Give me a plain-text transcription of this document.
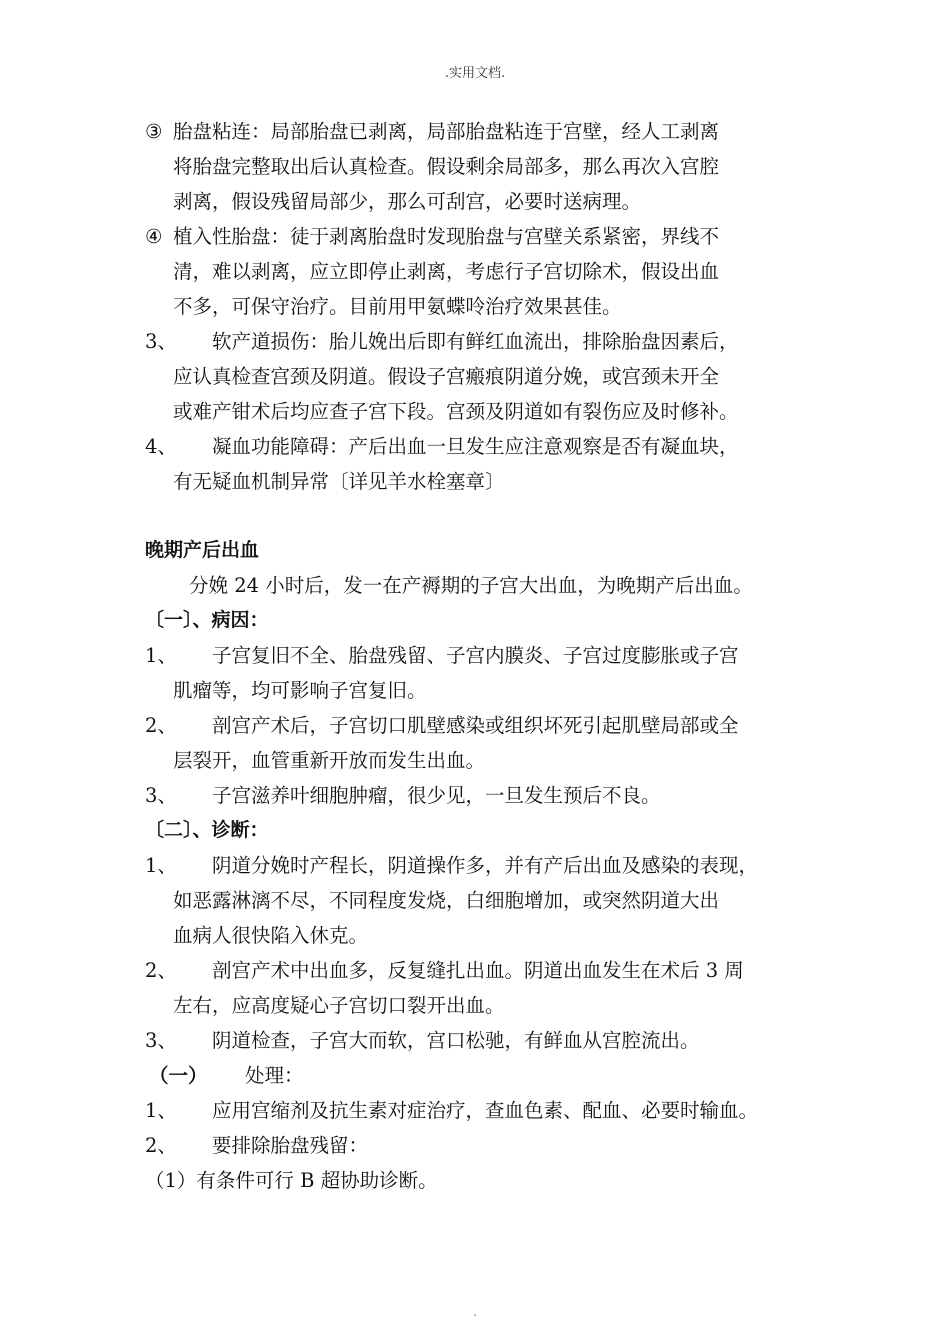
.实用文档.
③ 胎盘粘连：局部胎盘已剥离，局部胎盘粘连于宫壁，经人工剥离
将胎盘完整取出后认真检查。假设剩余局部多，那么再次入宫腔
剥离，假设残留局部少，那么可刮宫，必要时送病理。
④ 植入性胎盘：徒于剥离胎盘时发现胎盘与宫壁关系紧密，界线不
清，难以剥离，应立即停止剥离，考虑行子宫切除术，假设出血
不多，可保守治疗。目前用甲氨蝶呤治疗效果甚佳。
3、 软产道损伤：胎儿娩出后即有鲜红血流出，排除胎盘因素后，
应认真检查宫颈及阴道。假设子宫瘢痕阴道分娩，或宫颈未开全
或难产钳术后均应查子宫下段。宫颈及阴道如有裂伤应及时修补。
4、 凝血功能障碍：产后出血一旦发生应注意观察是否有凝血块，
有无疑血机制异常〔详见羊水栓塞章〕
晚期产后出血
分娩 24 小时后，发一在产褥期的子宫大出血，为晚期产后出血。
〔一〕、病因：
1、 子宫复旧不全、胎盘残留、子宫内膜炎、子宫过度膨胀或子宫
肌瘤等，均可影响子宫复旧。
2、 剖宫产术后，子宫切口肌壁感染或组织坏死引起肌壁局部或全
层裂开，血管重新开放而发生出血。
3、 子宫滋养叶细胞肿瘤，很少见，一旦发生预后不良。
〔二〕、诊断：
1、 阴道分娩时产程长，阴道操作多，并有产后出血及感染的表现，
如恶露淋漓不尽，不同程度发烧，白细胞增加，或突然阴道大出
血病人很快陷入休克。
2、 剖宫产术中出血多，反复缝扎出血。阴道出血发生在术后 3 周
左右，应高度疑心子宫切口裂开出血。
3、 阴道检查，子宫大而软，宫口松驰，有鲜血从宫腔流出。
（一） 处理：
1、 应用宫缩剂及抗生素对症治疗，查血色素、配血、必要时输血。
2、 要排除胎盘残留：
（1）有条件可行 B 超协助诊断。
.
